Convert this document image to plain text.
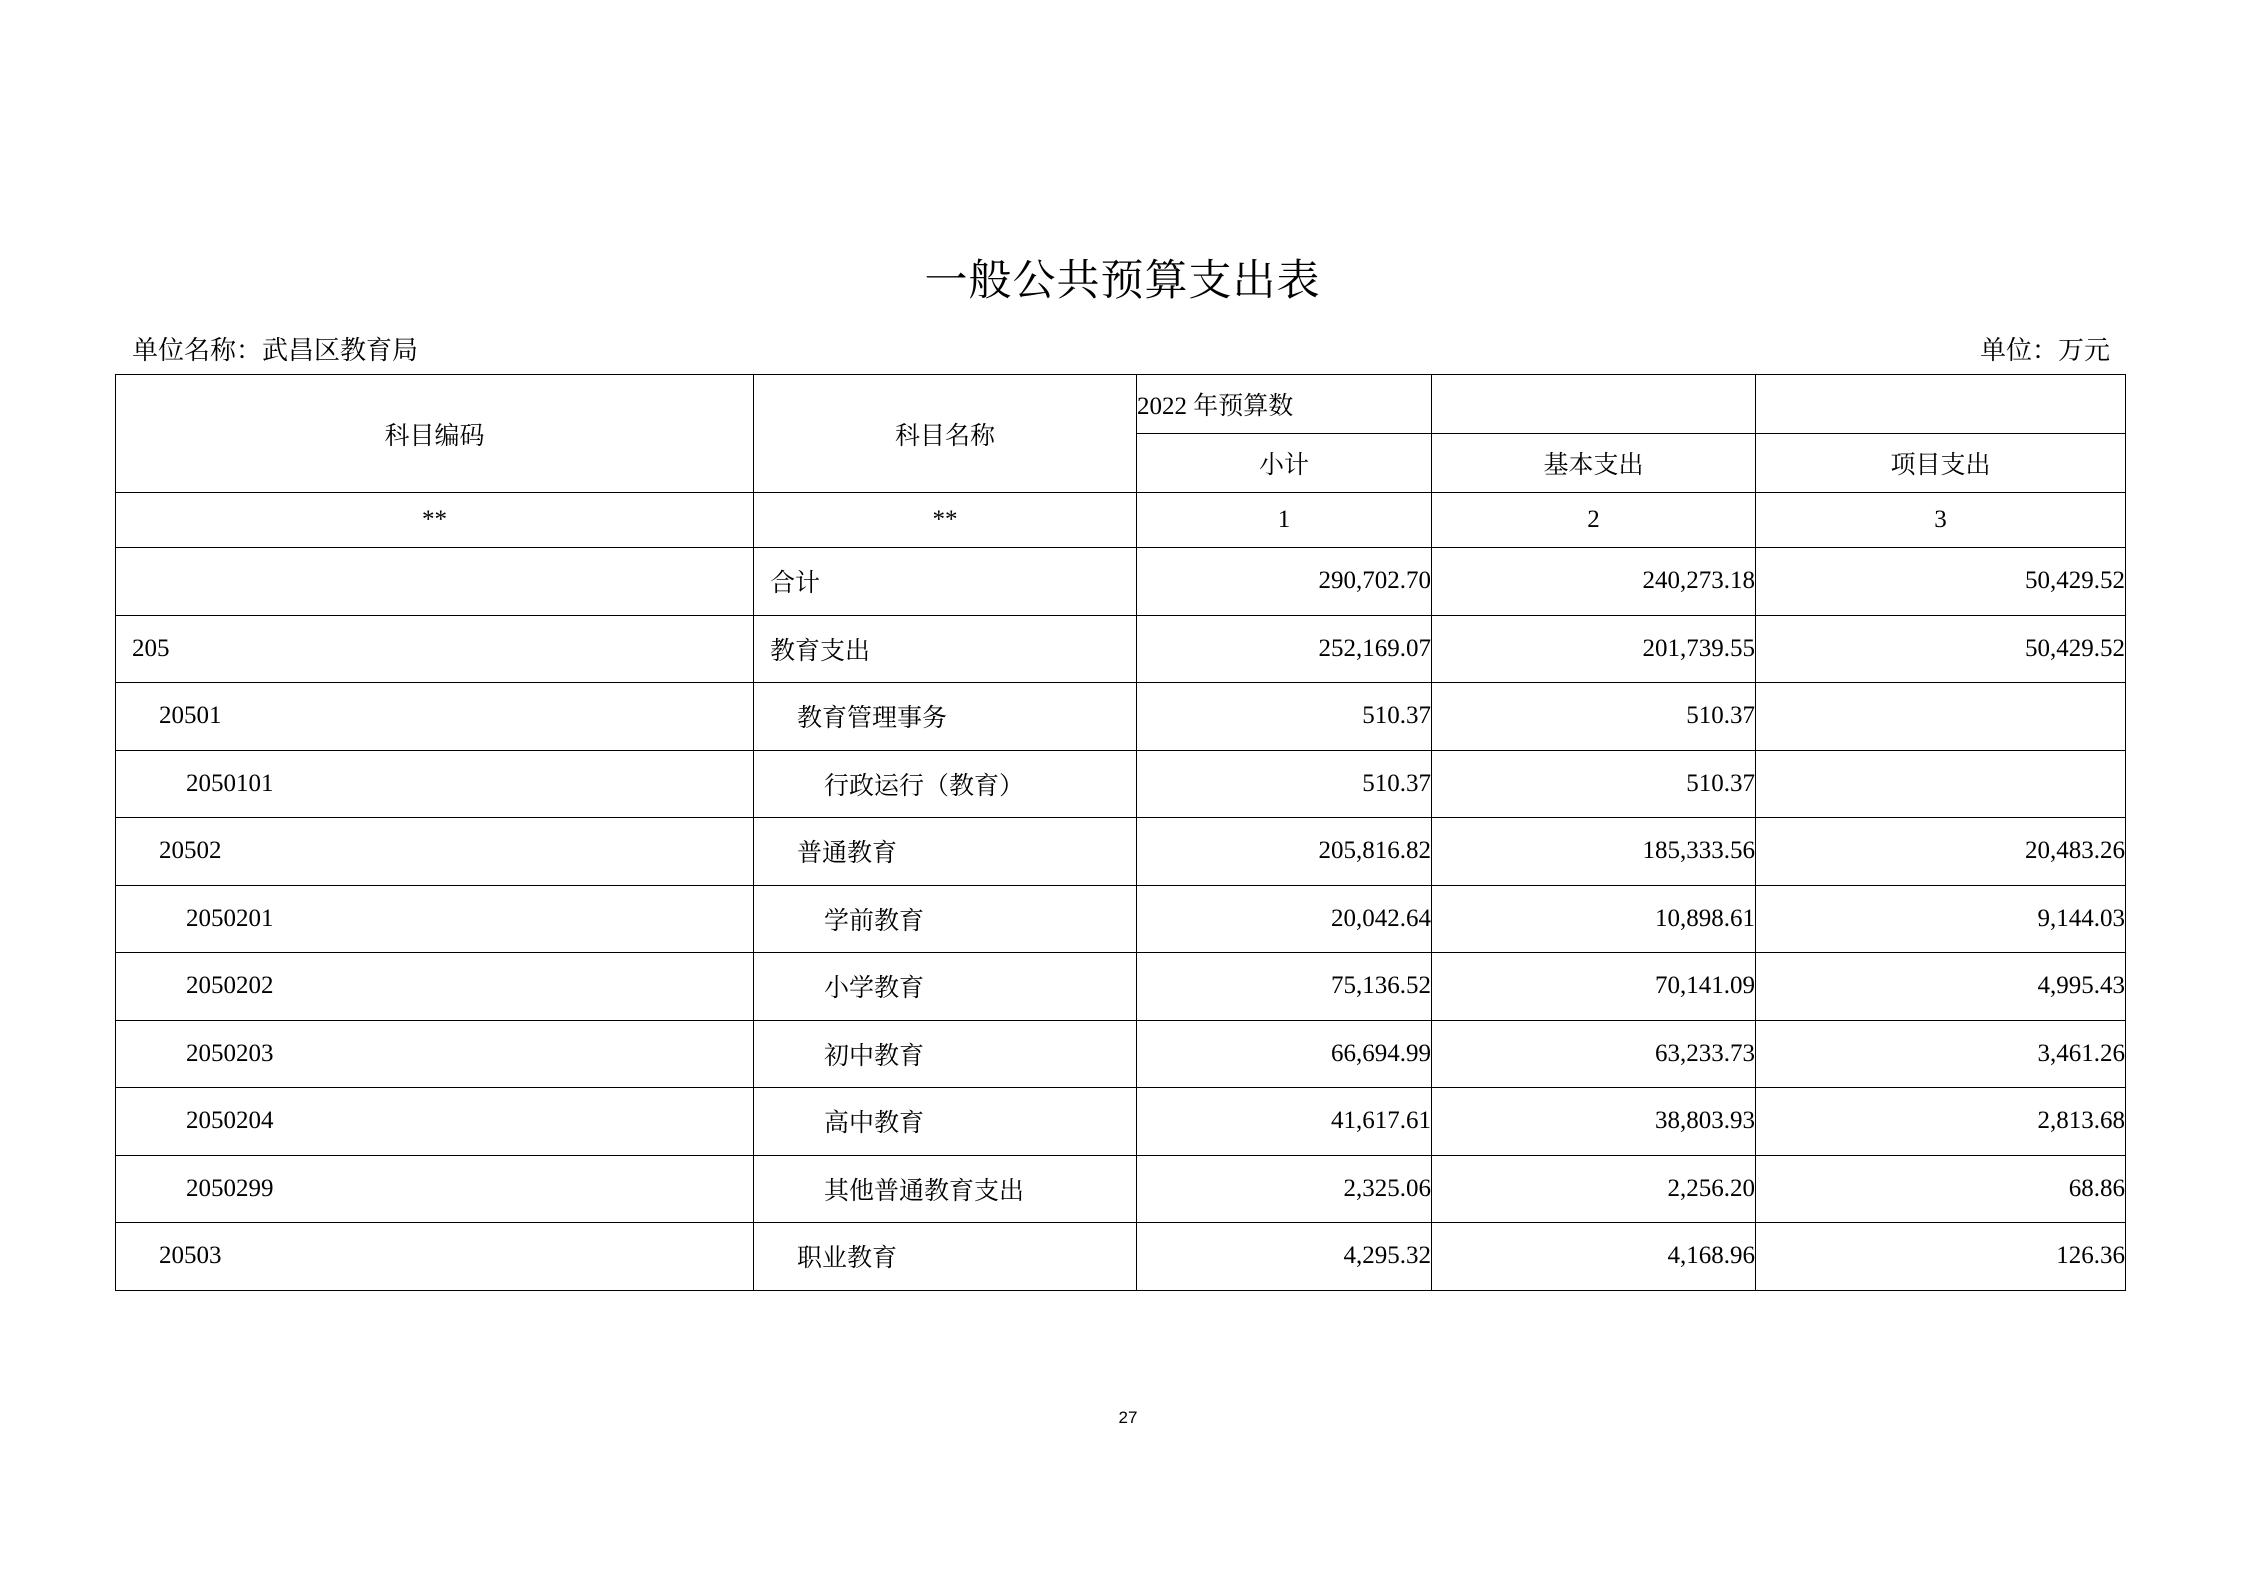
一般公共预算支出表
单位名称：武昌区教育局	单位：万元
科目编码	科目名称	2022 年预算数		
		小计	基本支出	项目支出
**	**	1	2	3
	合计	290,702.70	240,273.18	50,429.52
205	教育支出	252,169.07	201,739.55	50,429.52
20501	教育管理事务	510.37	510.37	
2050101	行政运行（教育）	510.37	510.37	
20502	普通教育	205,816.82	185,333.56	20,483.26
2050201	学前教育	20,042.64	10,898.61	9,144.03
2050202	小学教育	75,136.52	70,141.09	4,995.43
2050203	初中教育	66,694.99	63,233.73	3,461.26
2050204	高中教育	41,617.61	38,803.93	2,813.68
2050299	其他普通教育支出	2,325.06	2,256.20	68.86
20503	职业教育	4,295.32	4,168.96	126.36
27
